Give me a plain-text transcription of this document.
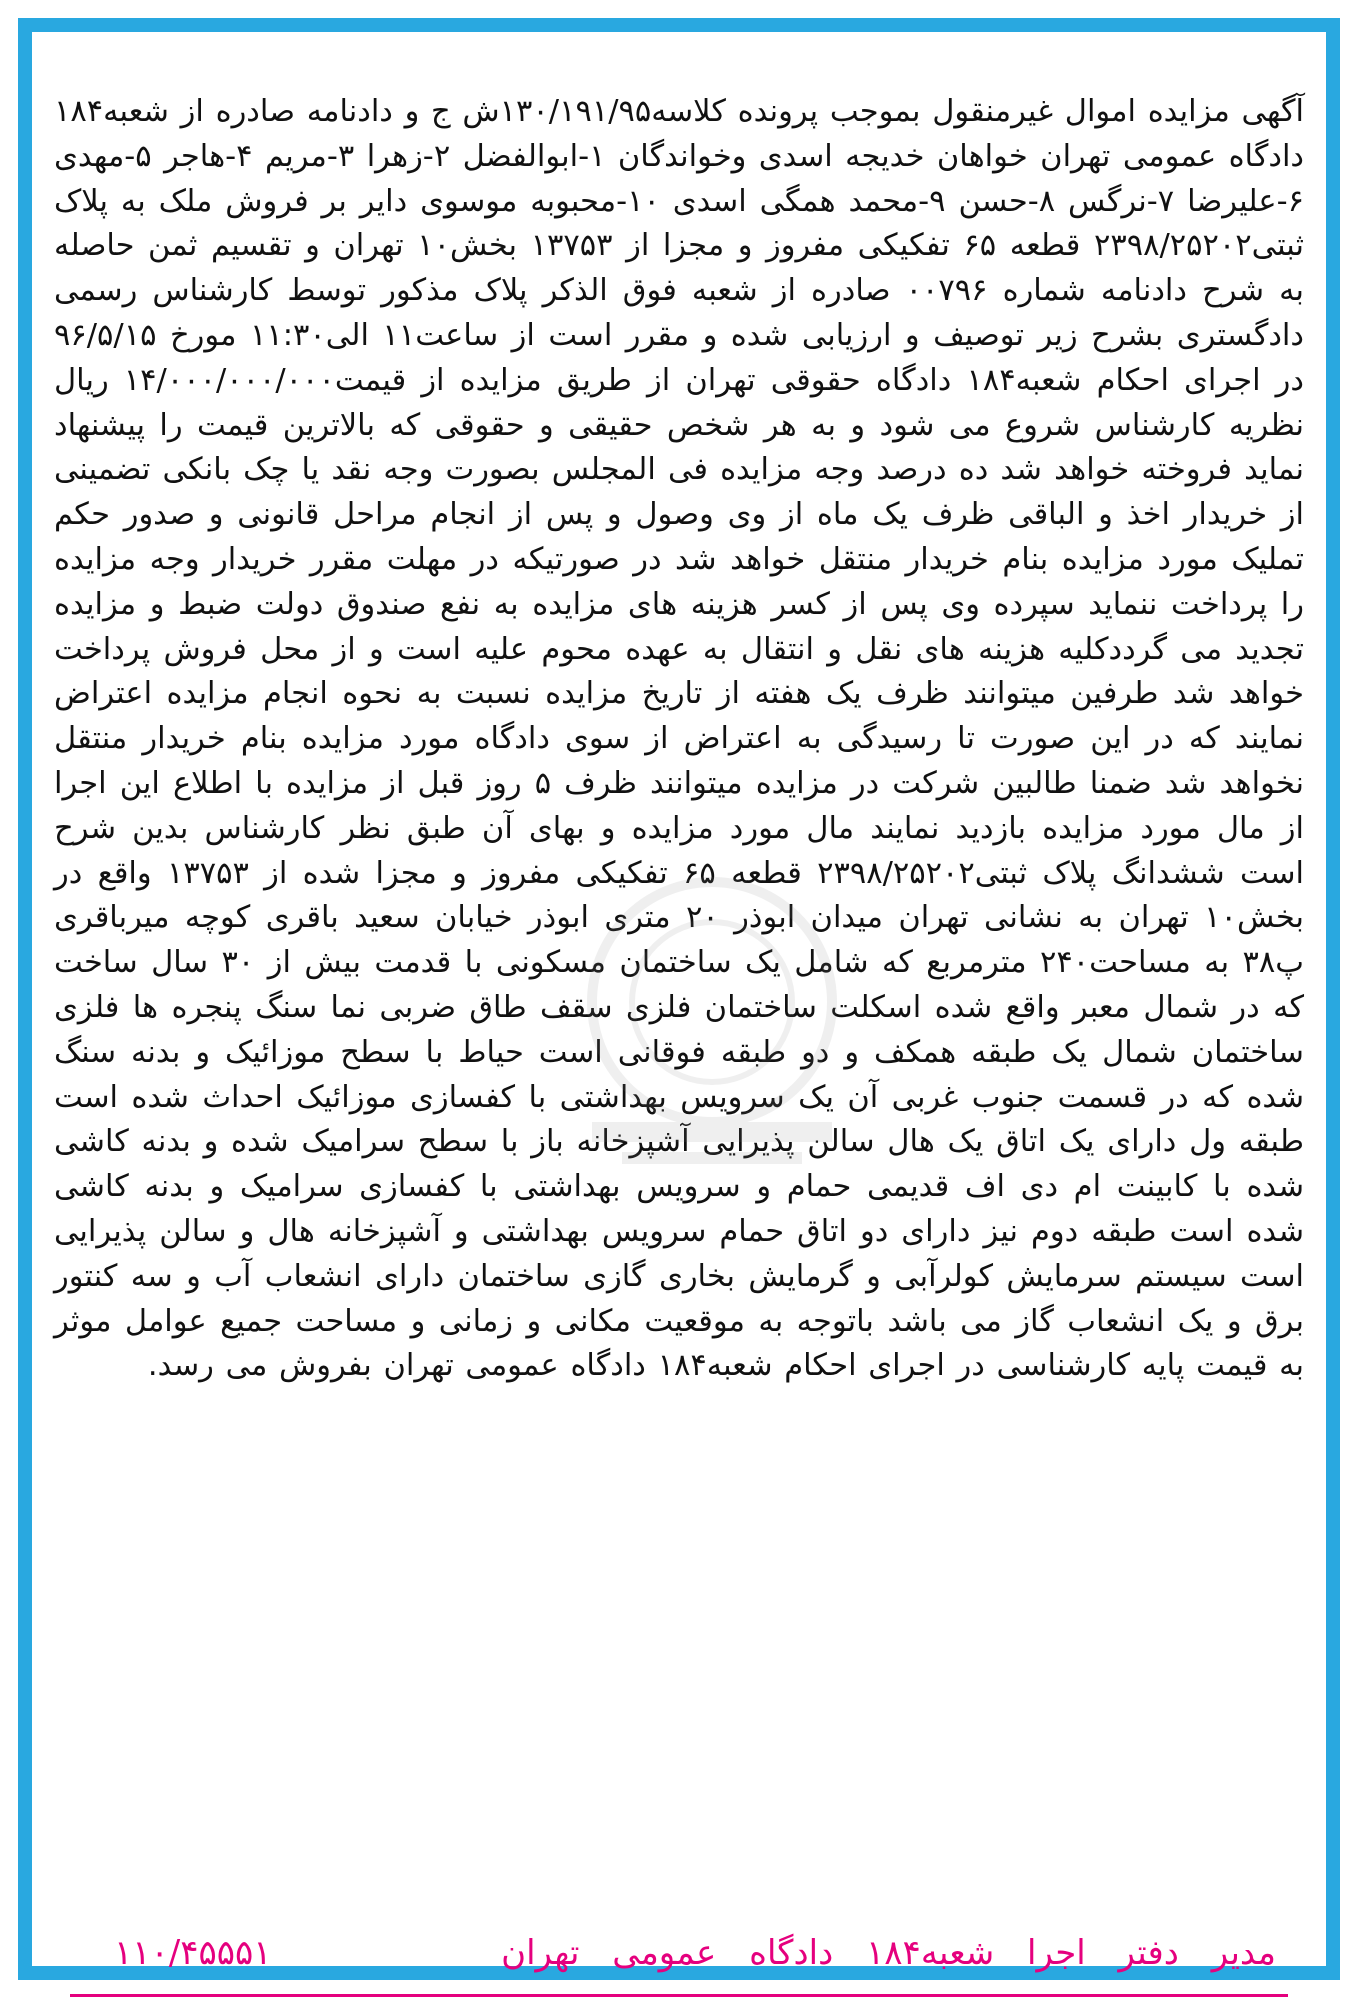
آگهی مزایده اموال غیرمنقول بموجب پرونده کلاسه۱۳۰/۱۹۱/۹۵ش ج و دادنامه صادره از شعبه۱۸۴ دادگاه عمومی تهران خواهان خدیجه اسدی وخواندگان ۱-ابوالفضل ۲-زهرا ۳-مریم ۴-هاجر ۵-مهدی ۶-علیرضا ۷-نرگس ۸-حسن ۹-محمد همگی اسدی ۱۰-محبوبه موسوی دایر بر فروش ملک به پلاک ثبتی۲۳۹۸/۲۵۲۰۲ قطعه ۶۵ تفکیکی مفروز و مجزا از ۱۳۷۵۳ بخش۱۰ تهران و تقسیم ثمن حاصله به شرح دادنامه شماره ۰۰۷۹۶ صادره از شعبه فوق الذکر پلاک مذکور توسط کارشناس رسمی دادگستری بشرح زیر توصیف و ارزیابی شده و مقرر است از ساعت۱۱ الی۱۱:۳۰ مورخ ۹۶/۵/۱۵ در اجرای احکام شعبه۱۸۴ دادگاه حقوقی تهران از طریق مزایده از قیمت۱۴/۰۰۰/۰۰۰/۰۰۰ ریال نظریه کارشناس شروع می شود و به هر شخص حقیقی و حقوقی که بالاترین قیمت را پیشنهاد نماید فروخته خواهد شد ده درصد وجه مزایده فی المجلس بصورت وجه نقد یا چک بانکی تضمینی از خریدار اخذ و الباقی ظرف یک ماه از وی وصول و پس از انجام مراحل قانونی و صدور حکم تملیک مورد مزایده بنام خریدار منتقل خواهد شد در صورتیکه در مهلت مقرر خریدار وجه مزایده را پرداخت ننماید سپرده وی پس از کسر هزینه های مزایده به نفع صندوق دولت ضبط و مزایده تجدید می گرددکلیه هزینه های نقل و انتقال به عهده محوم علیه است و از محل فروش پرداخت خواهد شد طرفین میتوانند ظرف یک هفته از تاریخ مزایده نسبت به نحوه انجام مزایده اعتراض نمایند که در این صورت تا رسیدگی به اعتراض از سوی دادگاه مورد مزایده بنام خریدار منتقل نخواهد شد ضمنا طالبین شرکت در مزایده میتوانند ظرف ۵ روز قبل از مزایده با اطلاع این اجرا از مال مورد مزایده بازدید نمایند مال مورد مزایده و بهای آن طبق نظر کارشناس بدین شرح است ششدانگ پلاک ثبتی۲۳۹۸/۲۵۲۰۲ قطعه ۶۵ تفکیکی مفروز و مجزا شده از ۱۳۷۵۳ واقع در بخش۱۰ تهران به نشانی تهران میدان ابوذر ۲۰ متری ابوذر خیابان سعید باقری کوچه میرباقری پ۳۸ به مساحت۲۴۰ مترمربع که شامل یک ساختمان مسکونی با قدمت بیش از ۳۰ سال ساخت که در شمال معبر واقع شده اسکلت ساختمان فلزی سقف طاق ضربی نما سنگ پنجره ها فلزی ساختمان شمال یک طبقه همکف و دو طبقه فوقانی است حیاط با سطح موزائیک و بدنه سنگ شده که در قسمت جنوب غربی آن یک سرویس بهداشتی با کفسازی موزائیک احداث شده است طبقه ول دارای یک اتاق یک هال سالن پذیرایی آشپزخانه باز با سطح سرامیک شده و بدنه کاشی شده با کابینت ام دی اف قدیمی حمام و سرویس بهداشتی با کفسازی سرامیک و بدنه کاشی شده است طبقه دوم نیز دارای دو اتاق حمام سرویس بهداشتی و آشپزخانه هال و سالن پذیرایی است سیستم سرمایش کولرآبی و گرمایش بخاری گازی ساختمان دارای انشعاب آب و سه کنتور برق و یک انشعاب گاز می باشد باتوجه به موقعیت مکانی و زمانی و مساحت جمیع عوامل موثر به قیمت پایه کارشناسی در اجرای احکام شعبه۱۸۴ دادگاه عمومی تهران بفروش می رسد.

مدیر دفتر اجرا شعبه۱۸۴ دادگاه عمومی تهران
۱۱۰/۴۵۵۵۱
